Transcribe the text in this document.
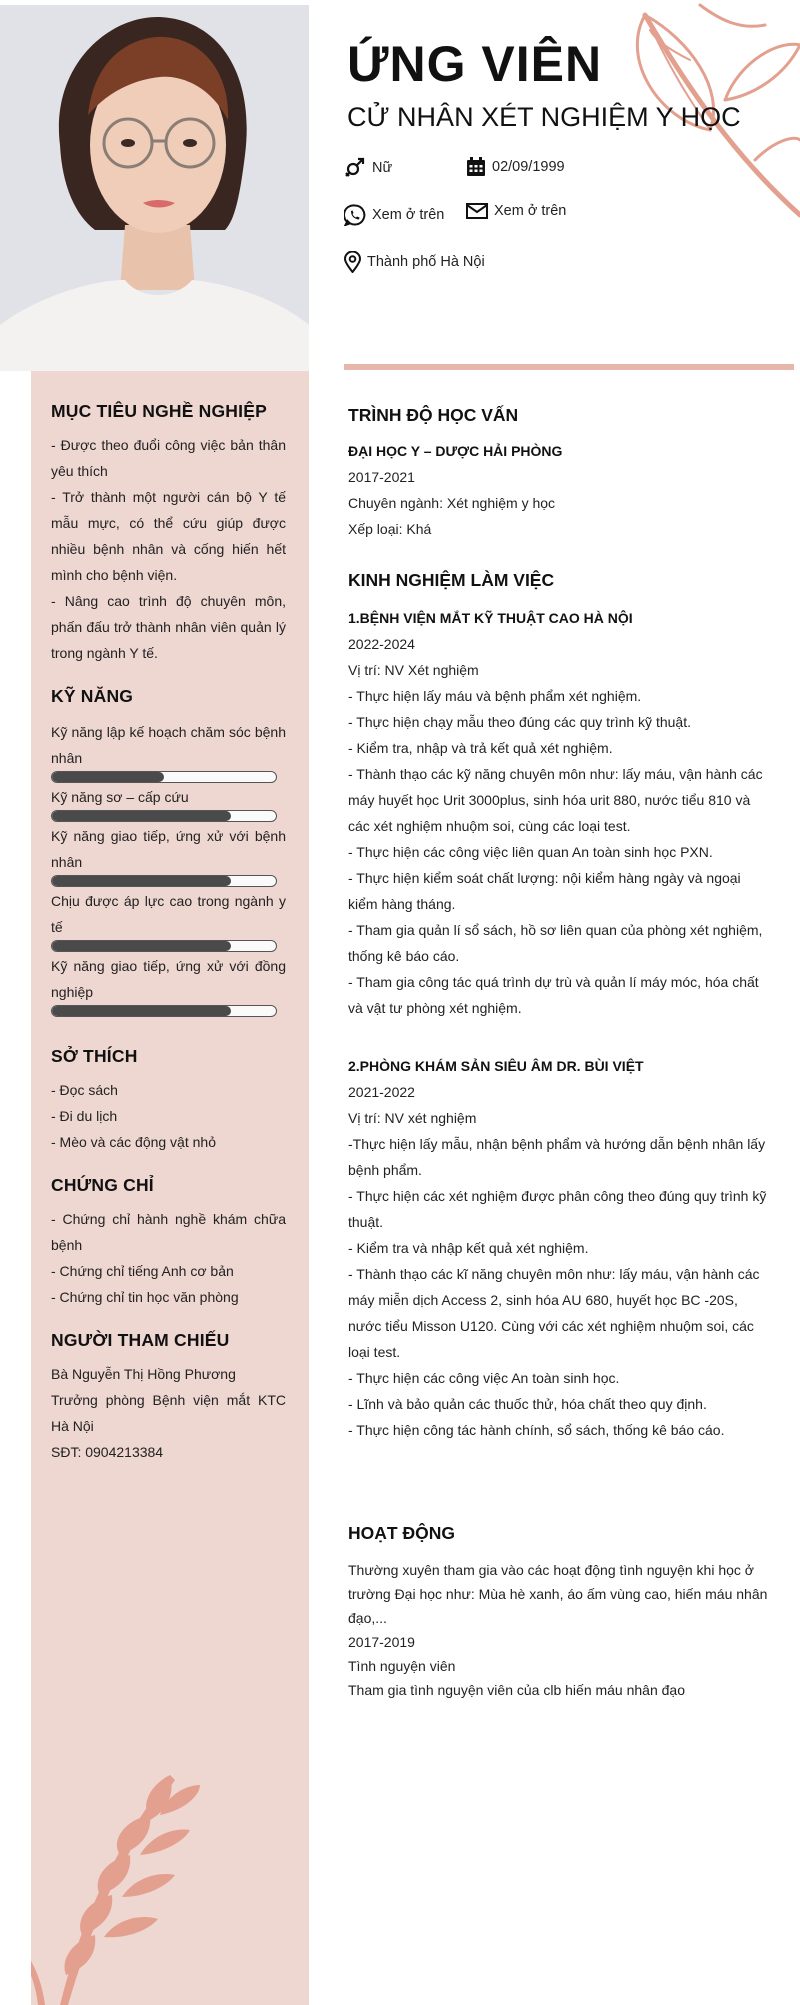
ỨNG VIÊN
CỬ NHÂN XÉT NGHIỆM Y HỌC
Nữ	02/09/1999
Xem ở trên	Xem ở trên
Thành phố Hà Nội
MỤC TIÊU NGHỀ NGHIỆP
- Được theo đuổi công việc bản thân yêu thích
- Trở thành một người cán bộ Y tế mẫu mực, có thể cứu giúp được nhiều bệnh nhân và cống hiến hết mình cho bệnh viện.
- Nâng cao trình độ chuyên môn, phấn đấu trở thành nhân viên quản lý trong ngành Y tế.
KỸ NĂNG
Kỹ năng lập kế hoạch chăm sóc bệnh nhân
Kỹ năng sơ – cấp cứu
Kỹ năng giao tiếp, ứng xử với bệnh nhân
Chịu được áp lực cao trong ngành y tế
Kỹ năng giao tiếp, ứng xử với đồng nghiệp
SỞ THÍCH
- Đọc sách
- Đi du lịch
- Mèo và các động vật nhỏ
CHỨNG CHỈ
- Chứng chỉ hành nghề khám chữa bệnh
- Chứng chỉ tiếng Anh cơ bản
- Chứng chỉ tin học văn phòng
NGƯỜI THAM CHIẾU
Bà Nguyễn Thị Hồng Phương
Trưởng phòng Bệnh viện mắt KTC Hà Nội
SĐT: 0904213384
TRÌNH ĐỘ HỌC VẤN
ĐẠI HỌC Y – DƯỢC HẢI PHÒNG
2017-2021
Chuyên ngành: Xét nghiệm y học
Xếp loại: Khá
KINH NGHIỆM LÀM VIỆC
1.BỆNH VIỆN MẮT KỸ THUẬT CAO HÀ NỘI
2022-2024
Vị trí: NV Xét nghiệm
- Thực hiện lấy máu và bệnh phẩm xét nghiệm.
- Thực hiện chạy mẫu theo đúng các quy trình kỹ thuật.
- Kiểm tra, nhập và trả kết quả xét nghiệm.
- Thành thạo các kỹ năng chuyên môn như: lấy máu, vận hành các máy huyết học Urit 3000plus, sinh hóa urit 880, nước tiểu 810 và các xét nghiệm nhuộm soi, cùng các loại test.
- Thực hiện các công việc liên quan An toàn sinh học PXN.
- Thực hiện kiểm soát chất lượng: nội kiểm hàng ngày và ngoại kiểm hàng tháng.
- Tham gia quản lí sổ sách, hồ sơ liên quan của phòng xét nghiệm, thống kê báo cáo.
- Tham gia công tác quá trình dự trù và quản lí máy móc, hóa chất và vật tư phòng xét nghiệm.
2.PHÒNG KHÁM SẢN SIÊU ÂM DR. BÙI VIỆT
2021-2022
Vị trí: NV xét nghiệm
-Thực hiện lấy mẫu, nhận bệnh phẩm và hướng dẫn bệnh nhân lấy bệnh phẩm.
- Thực hiện các xét nghiệm được phân công theo đúng quy trình kỹ thuật.
- Kiểm tra và nhập kết quả xét nghiệm.
- Thành thạo các kĩ năng chuyên môn như: lấy máu, vận hành các máy miễn dịch Access 2, sinh hóa AU 680, huyết học BC -20S, nước tiểu Misson U120. Cùng với các xét nghiệm nhuộm soi, các loại test.
- Thực hiện các công việc An toàn sinh học.
- Lĩnh và bảo quản các thuốc thử, hóa chất theo quy định.
- Thực hiện công tác hành chính, sổ sách, thống kê báo cáo.
HOẠT ĐỘNG
Thường xuyên tham gia vào các hoạt động tình nguyện khi học ở trường Đại học như: Mùa hè xanh, áo ấm vùng cao, hiến máu nhân đạo,...
2017-2019
Tình nguyện viên
Tham gia tình nguyện viên của clb hiến máu nhân đạo
